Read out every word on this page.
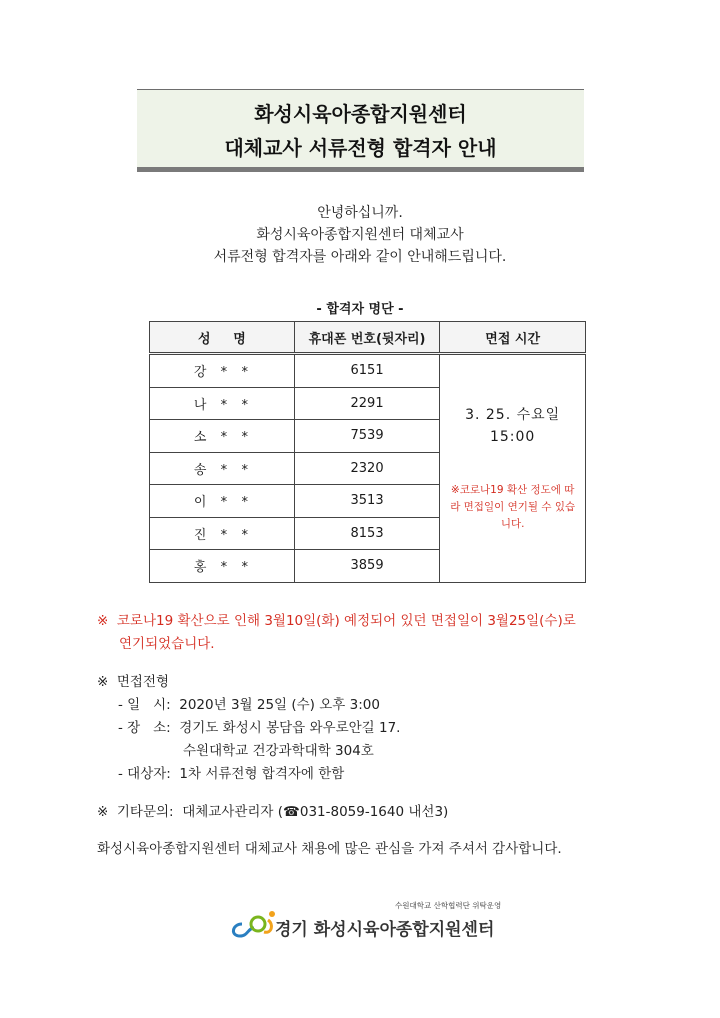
화성시육아종합지원센터
대체교사 서류전형 합격자 안내
안녕하십니까.
화성시육아종합지원센터 대체교사
서류전형 합격자를 아래와 같이 안내해드립니다.
- 합격자 명단 -
성     명	휴대폰 번호(뒷자리)	면접 시간
강  *  *	6151	3. 25. 수요일
15:00
※코로나19 확산 정도에 따라 면접일이 연기될 수 있습니다.

나  *  *	2291	
소  *  *	7539	
송  *  *	2320	
이  *  *	3513	
진  *  *	8153	
홍  *  *	3859	
※  코로나19 확산으로 인해 3월10일(화) 예정되어 있던 면접일이 3월25일(수)로
연기되었습니다.
※  면접전형
- 일   시:  2020년 3월 25일 (수) 오후 3:00
- 장   소:  경기도 화성시 봉담읍 와우로안길 17.
수원대학교 건강과학대학 304호
- 대상자:  1차 서류전형 합격자에 한함
※  기타문의:  대체교사관리자 (☎031-8059-1640 내선3)
화성시육아종합지원센터 대체교사 채용에 많은 관심을 가져 주셔서 감사합니다.
수원대학교 산학협력단 위탁운영
경기 화성시육아종합지원센터
